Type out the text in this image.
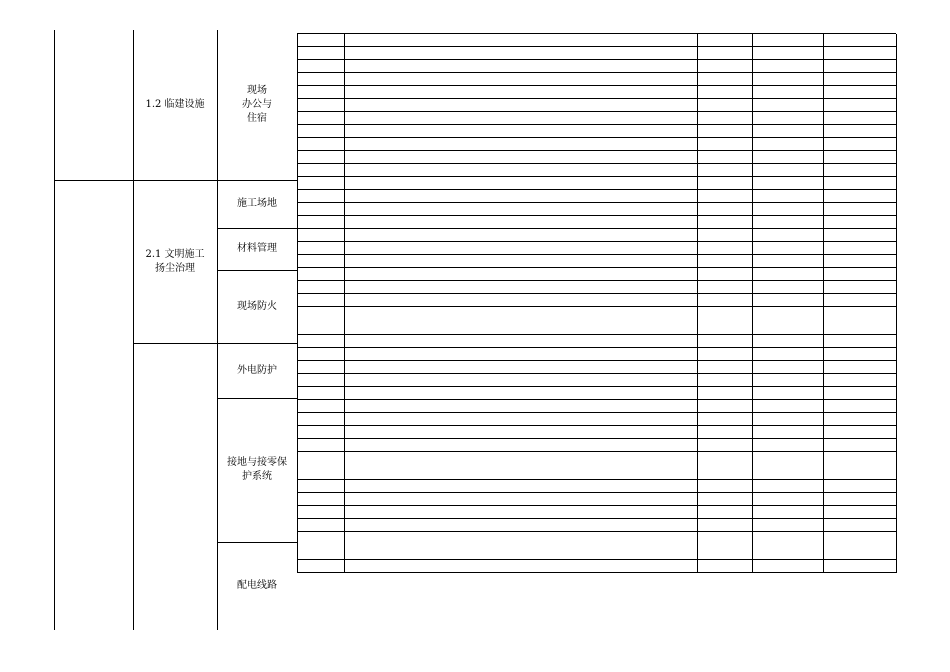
1.2 临建设施
2.1 文明施工
扬尘治理
现场
办公与
住宿
施工场地
材料管理
现场防火
外电防护
接地与接零保
护系统
配电线路
